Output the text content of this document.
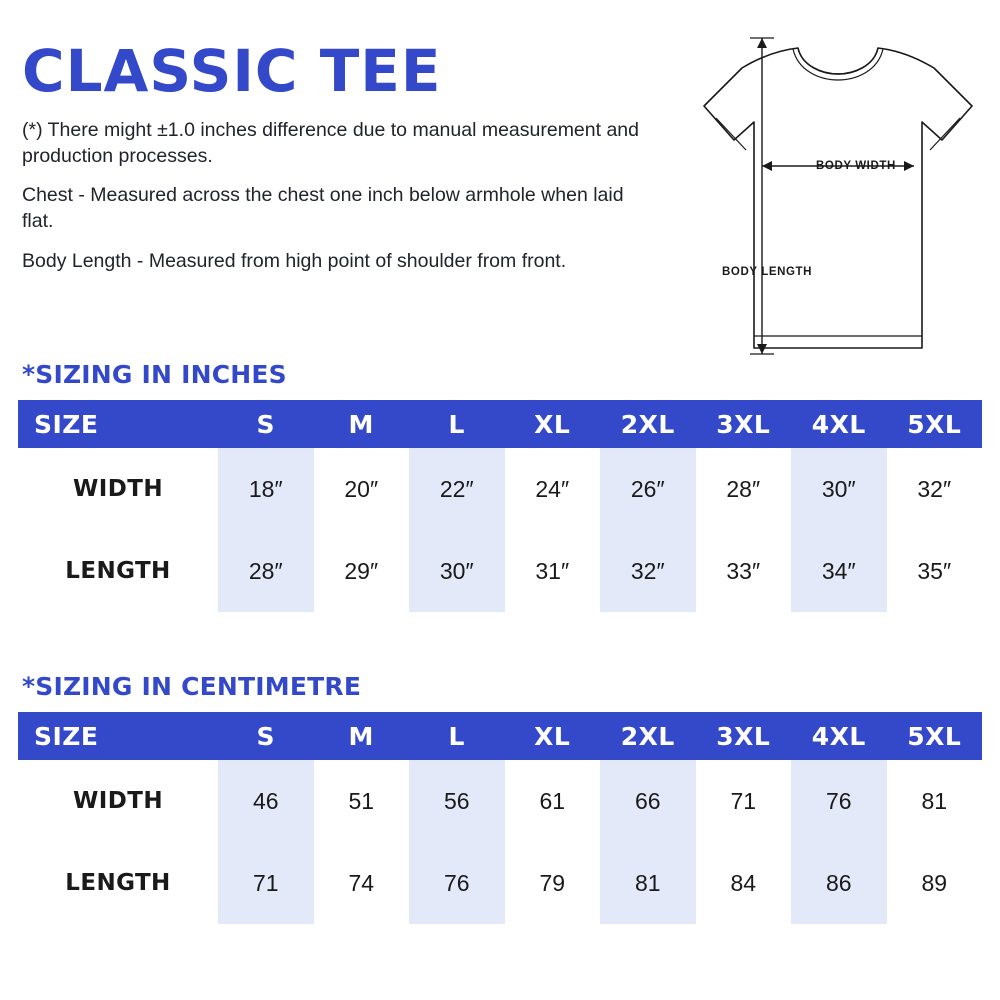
CLASSIC TEE

(*) There might ±1.0 inches difference due to manual measurement and production processes.

Chest - Measured across the chest one inch below armhole when laid flat.

Body Length - Measured from high point of shoulder from front.

BODY WIDTH
BODY LENGTH
*SIZING IN INCHES
SIZE	S	M	L	XL	2XL	3XL	4XL	5XL
WIDTH	18″	20″	22″	24″	26″	28″	30″	32″
LENGTH	28″	29″	30″	31″	32″	33″	34″	35″
*SIZING IN CENTIMETRE
SIZE	S	M	L	XL	2XL	3XL	4XL	5XL
WIDTH	46	51	56	61	66	71	76	81
LENGTH	71	74	76	79	81	84	86	89
